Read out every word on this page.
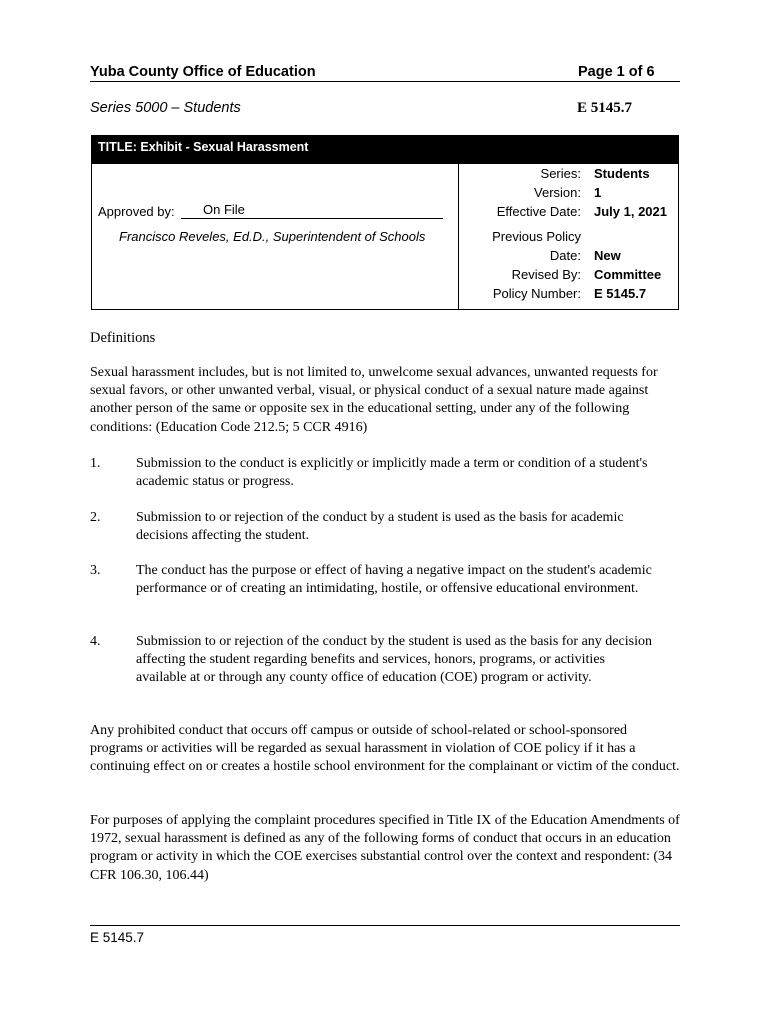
Yuba County Office of Education	Page 1 of 6
Series 5000 – Students	E 5145.7
TITLE: Exhibit - Sexual Harassment
Approved by: On File
Francisco Reveles, Ed.D., Superintendent of Schools
Series: Students
Version: 1
Effective Date: July 1, 2021
Previous Policy
Date: New
Revised By: Committee
Policy Number: E 5145.7
Definitions
Sexual harassment includes, but is not limited to, unwelcome sexual advances, unwanted requests for sexual favors, or other unwanted verbal, visual, or physical conduct of a sexual nature made against another person of the same or opposite sex in the educational setting, under any of the following conditions: (Education Code 212.5; 5 CCR 4916)
1.	Submission to the conduct is explicitly or implicitly made a term or condition of a student's academic status or progress.
2.	Submission to or rejection of the conduct by a student is used as the basis for academic decisions affecting the student.
3.	The conduct has the purpose or effect of having a negative impact on the student's academic performance or of creating an intimidating, hostile, or offensive educational environment.
4.	Submission to or rejection of the conduct by the student is used as the basis for any decision affecting the student regarding benefits and services, honors, programs, or activities available at or through any county office of education (COE) program or activity.
Any prohibited conduct that occurs off campus or outside of school-related or school-sponsored programs or activities will be regarded as sexual harassment in violation of COE policy if it has a continuing effect on or creates a hostile school environment for the complainant or victim of the conduct.
For purposes of applying the complaint procedures specified in Title IX of the Education Amendments of 1972, sexual harassment is defined as any of the following forms of conduct that occurs in an education program or activity in which the COE exercises substantial control over the context and respondent: (34 CFR 106.30, 106.44)
E 5145.7
